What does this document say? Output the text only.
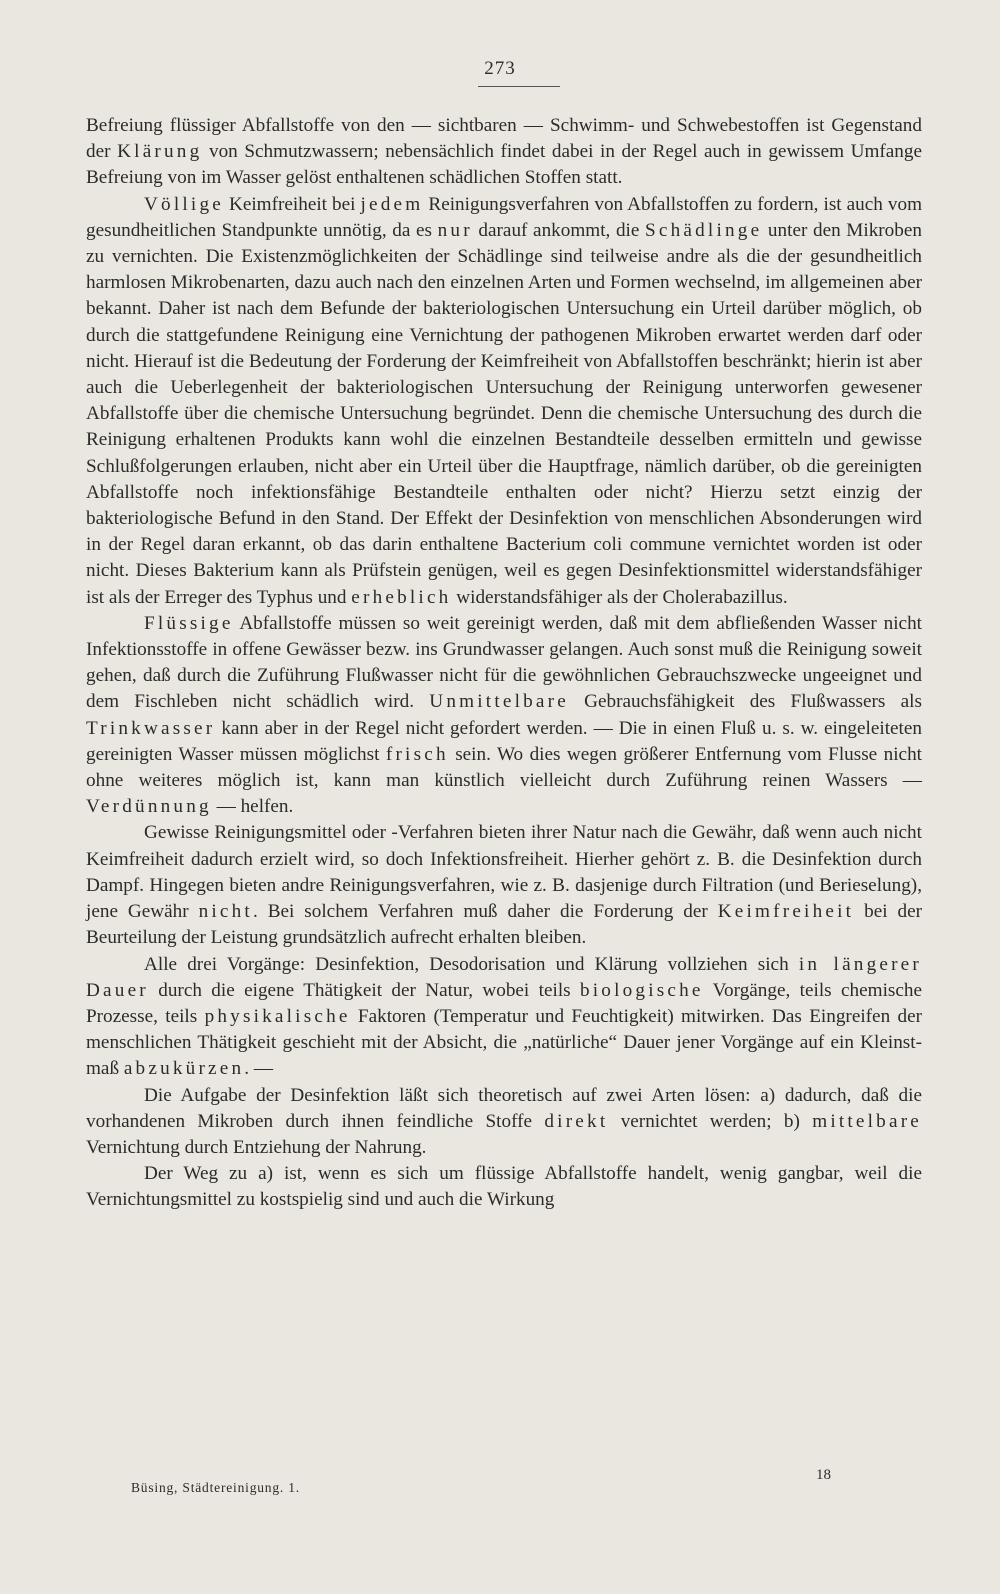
273

Befreiung flüssiger Abfallstoffe von den — sichtbaren — Schwimm- und Schwebestoffen ist Gegenstand der Klärung von Schmutzwassern; nebensächlich findet dabei in der Regel auch in gewissem Umfange Befreiung von im Wasser gelöst enthaltenen schädlichen Stoffen statt.

Völlige Keimfreiheit bei jedem Reinigungsverfahren von Abfallstoffen zu fordern, ist auch vom gesundheitlichen Standpunkte unnötig, da es nur darauf ankommt, die Schädlinge unter den Mikroben zu vernichten. Die Existenzmöglichkeiten der Schädlinge sind teilweise andre als die der gesundheitlich harmlosen Mikrobenarten, dazu auch nach den einzelnen Arten und Formen wechselnd, im allgemeinen aber bekannt. Daher ist nach dem Befunde der bakteriologischen Untersuchung ein Urteil darüber möglich, ob durch die stattgefundene Reinigung eine Vernichtung der pathogenen Mikroben erwartet werden darf oder nicht. Hierauf ist die Bedeutung der Forderung der Keimfreiheit von Abfallstoffen beschränkt; hierin ist aber auch die Ueberlegenheit der bakteriologischen Untersuchung der Reinigung unterworfen gewesener Abfallstoffe über die chemische Untersuchung begründet. Denn die chemische Untersuchung des durch die Reinigung erhaltenen Produkts kann wohl die einzelnen Bestandteile desselben ermitteln und gewisse Schlußfolgerungen erlauben, nicht aber ein Urteil über die Hauptfrage, nämlich darüber, ob die gereinigten Abfallstoffe noch infektionsfähige Bestandteile enthalten oder nicht? Hierzu setzt einzig der bakteriologische Befund in den Stand. Der Effekt der Desinfektion von menschlichen Absonderungen wird in der Regel daran erkannt, ob das darin enthaltene Bacterium coli commune vernichtet worden ist oder nicht. Dieses Bakterium kann als Prüfstein genügen, weil es gegen Desinfektionsmittel widerstandsfähiger ist als der Erreger des Typhus und erheblich widerstandsfähiger als der Cholerabazillus.

Flüssige Abfallstoffe müssen so weit gereinigt werden, daß mit dem abfließenden Wasser nicht Infektionsstoffe in offene Gewässer bezw. ins Grundwasser gelangen. Auch sonst muß die Reinigung soweit gehen, daß durch die Zuführung Flußwasser nicht für die gewöhnlichen Gebrauchszwecke ungeeignet und dem Fischleben nicht schädlich wird. Unmittelbare Gebrauchsfähigkeit des Flußwassers als Trinkwasser kann aber in der Regel nicht gefordert werden. — Die in einen Fluß u. s. w. eingeleiteten gereinigten Wasser müssen möglichst frisch sein. Wo dies wegen größerer Entfernung vom Flusse nicht ohne weiteres möglich ist, kann man künstlich vielleicht durch Zuführung reinen Wassers — Verdünnung — helfen.

Gewisse Reinigungsmittel oder -Verfahren bieten ihrer Natur nach die Gewähr, daß wenn auch nicht Keimfreiheit dadurch erzielt wird, so doch Infektionsfreiheit. Hierher gehört z. B. die Desinfektion durch Dampf. Hingegen bieten andre Reinigungsverfahren, wie z. B. dasjenige durch Filtration (und Berieselung), jene Gewähr nicht. Bei solchem Verfahren muß daher die Forderung der Keimfreiheit bei der Beurteilung der Leistung grundsätzlich aufrecht erhalten bleiben.

Alle drei Vorgänge: Desinfektion, Desodorisation und Klärung vollziehen sich in längerer Dauer durch die eigene Thätigkeit der Natur, wobei teils biologische Vorgänge, teils chemische Prozesse, teils physikalische Faktoren (Temperatur und Feuchtigkeit) mitwirken. Das Eingreifen der menschlichen Thätigkeit geschieht mit der Absicht, die „natürliche“ Dauer jener Vorgänge auf ein Kleinstmaß abzukürzen. —

Die Aufgabe der Desinfektion läßt sich theoretisch auf zwei Arten lösen: a) dadurch, daß die vorhandenen Mikroben durch ihnen feindliche Stoffe direkt vernichtet werden; b) mittelbare Vernichtung durch Entziehung der Nahrung.

Der Weg zu a) ist, wenn es sich um flüssige Abfallstoffe handelt, wenig gangbar, weil die Vernichtungsmittel zu kostspielig sind und auch die Wirkung

Büsing, Städtereinigung. 1.
18
